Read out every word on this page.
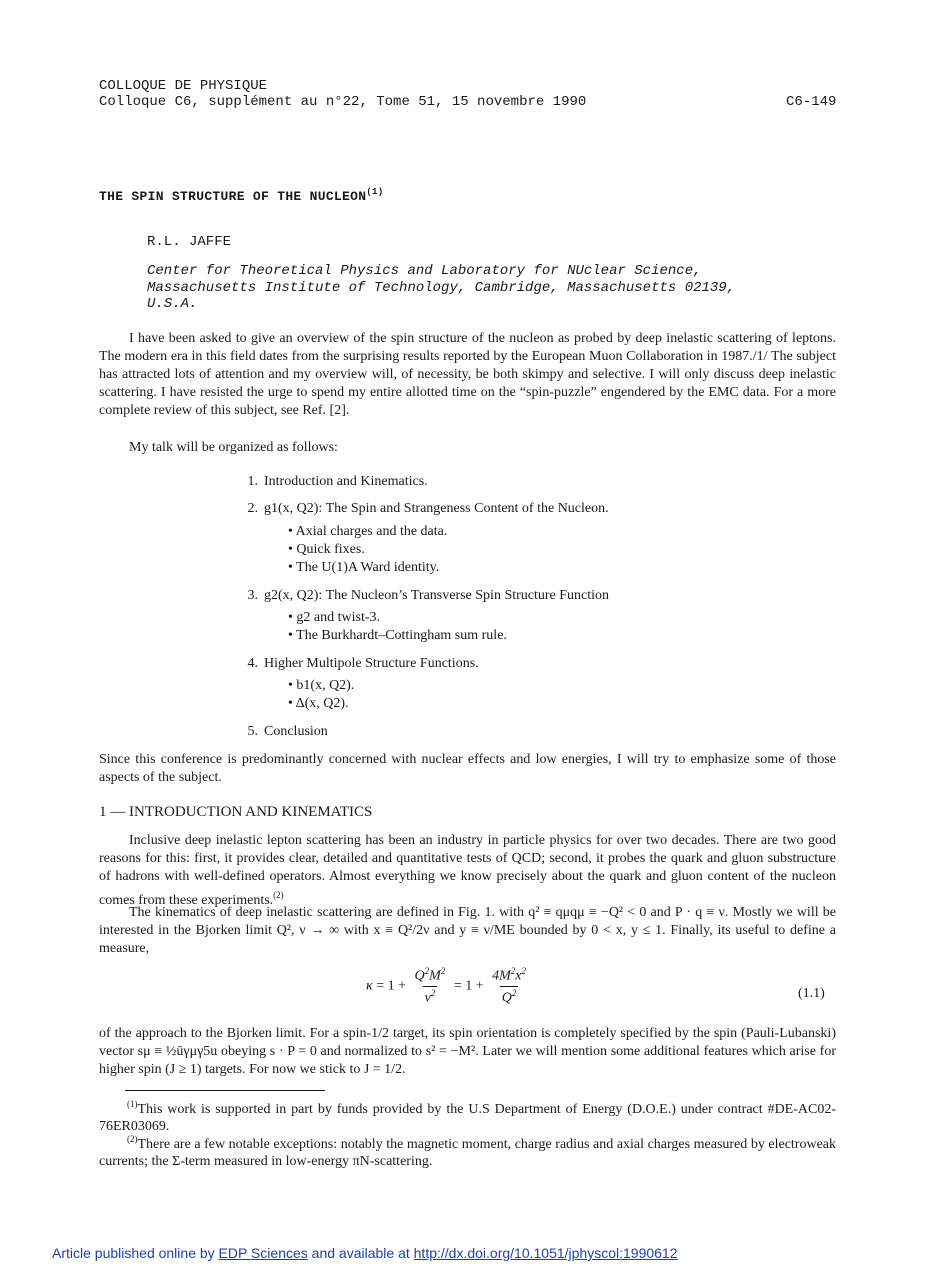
COLLOQUE DE PHYSIQUE
Colloque C6, supplément au n°22, Tome 51, 15 novembre 1990	C6-149
THE SPIN STRUCTURE OF THE NUCLEON$^{(1)}$
R.L. JAFFE
Center for Theoretical Physics and Laboratory for NUclear Science,
Massachusetts Institute of Technology, Cambridge, Massachusetts 02139,
U.S.A.
I have been asked to give an overview of the spin structure of the nucleon as probed by deep inelastic scattering of leptons. The modern era in this field dates from the surprising results reported by the European Muon Collaboration in 1987./1/ The subject has attracted lots of attention and my overview will, of necessity, be both skimpy and selective. I will only discuss deep inelastic scattering. I have resisted the urge to spend my entire allotted time on the “spin-puzzle” engendered by the EMC data. For a more complete review of this subject, see Ref. [2].
My talk will be organized as follows:
1. Introduction and Kinematics.
2. g1(x, Q2): The Spin and Strangeness Content of the Nucleon.
• Axial charges and the data.
• Quick fixes.
• The U(1)A Ward identity.
3. g2(x, Q2): The Nucleon’s Transverse Spin Structure Function
• g2 and twist-3.
• The Burkhardt–Cottingham sum rule.
4. Higher Multipole Structure Functions.
• b1(x, Q2).
• Δ(x, Q2).
5. Conclusion
Since this conference is predominantly concerned with nuclear effects and low energies, I will try to emphasize some of those aspects of the subject.
1 — INTRODUCTION AND KINEMATICS
Inclusive deep inelastic lepton scattering has been an industry in particle physics for over two decades. There are two good reasons for this: first, it provides clear, detailed and quantitative tests of QCD; second, it probes the quark and gluon substructure of hadrons with well-defined operators. Almost everything we know precisely about the quark and gluon content of the nucleon comes from these experiments.$^{(2)}$
The kinematics of deep inelastic scattering are defined in Fig. 1. with q² ≡ qμqμ ≡ −Q² < 0 and P · q ≡ ν. Mostly we will be interested in the Bjorken limit Q², ν → ∞ with x ≡ Q²/2ν and y ≡ ν/ME bounded by 0 < x, y ≤ 1. Finally, its useful to define a measure,
$\kappa = 1 + \frac{Q^2M^2}{\nu^2} = 1 + \frac{4M^2x^2}{Q^2}$	(1.1)
of the approach to the Bjorken limit. For a spin-1/2 target, its spin orientation is completely specified by the spin (Pauli-Lubanski) vector sμ ≡ ½ūγμγ5u obeying s · P = 0 and normalized to s² = −M². Later we will mention some additional features which arise for higher spin (J ≥ 1) targets. For now we stick to J = 1/2.
$^{(1)}$This work is supported in part by funds provided by the U.S Department of Energy (D.O.E.) under contract #DE-AC02-76ER03069.
$^{(2)}$There are a few notable exceptions: notably the magnetic moment, charge radius and axial charges measured by electroweak currents; the Σ-term measured in low-energy πN-scattering.
Article published online by EDP Sciences and available at http://dx.doi.org/10.1051/jphyscol:1990612
